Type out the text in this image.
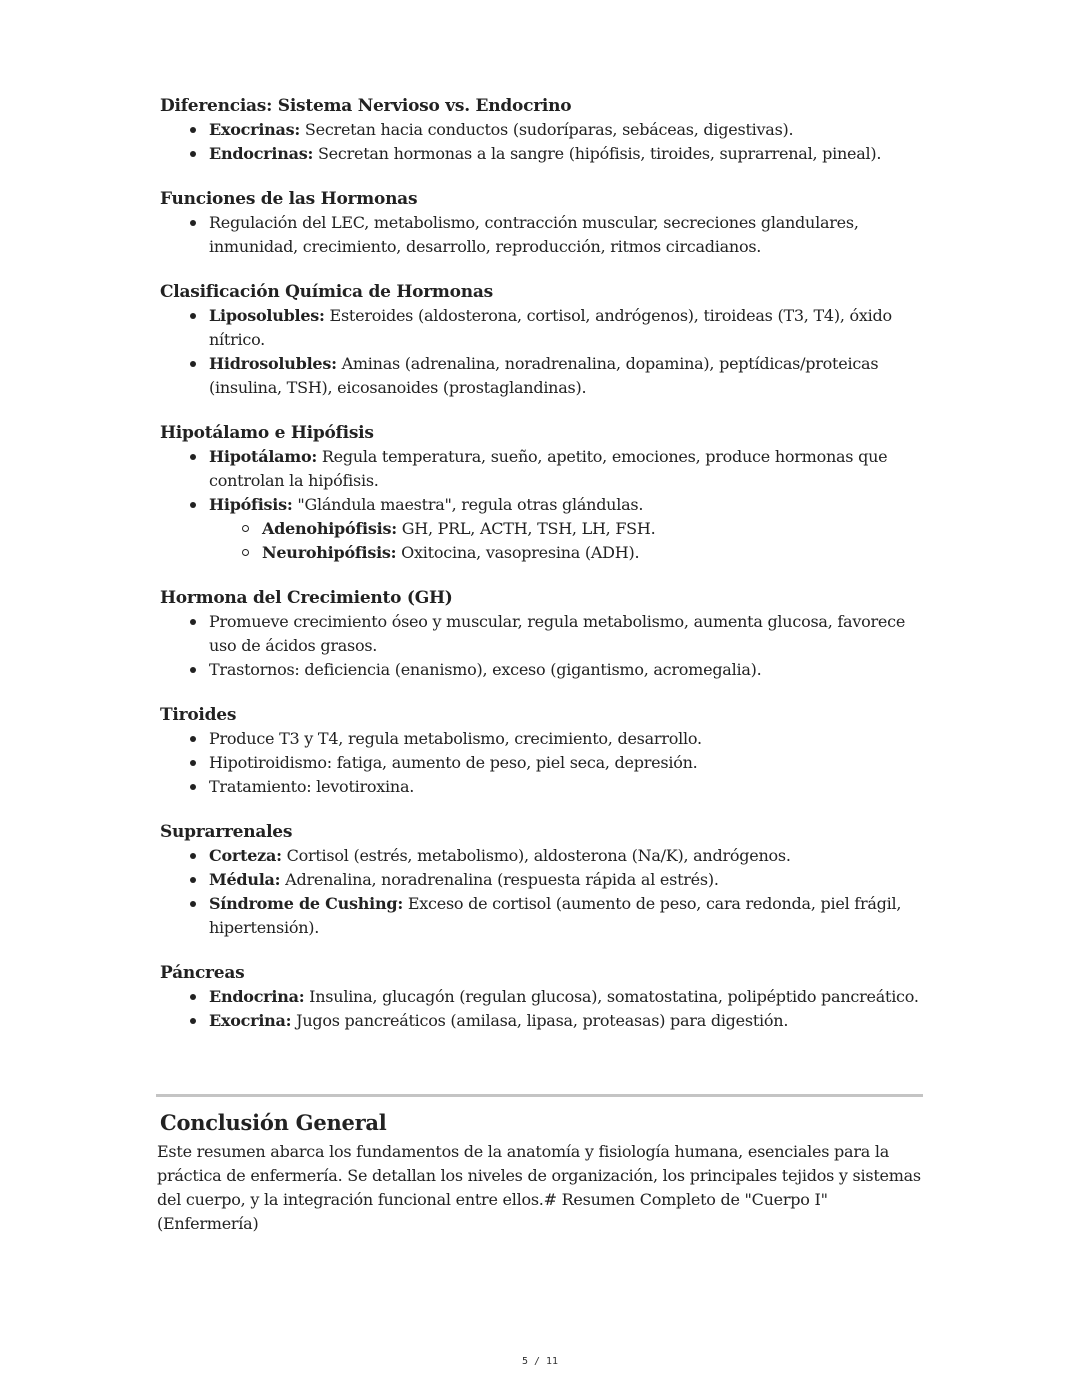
Diferencias: Sistema Nervioso vs. Endocrino
Exocrinas: Secretan hacia conductos (sudoríparas, sebáceas, digestivas).
Endocrinas: Secretan hormonas a la sangre (hipófisis, tiroides, suprarrenal, pineal).
Funciones de las Hormonas
Regulación del LEC, metabolismo, contracción muscular, secreciones glandulares, inmunidad, crecimiento, desarrollo, reproducción, ritmos circadianos.
Clasificación Química de Hormonas
Liposolubles: Esteroides (aldosterona, cortisol, andrógenos), tiroideas (T3, T4), óxido nítrico.
Hidrosolubles: Aminas (adrenalina, noradrenalina, dopamina), peptídicas/proteicas (insulina, TSH), eicosanoides (prostaglandinas).
Hipotálamo e Hipófisis
Hipotálamo: Regula temperatura, sueño, apetito, emociones, produce hormonas que controlan la hipófisis.
Hipófisis: "Glándula maestra", regula otras glándulas.
Adenohipófisis: GH, PRL, ACTH, TSH, LH, FSH.
Neurohipófisis: Oxitocina, vasopresina (ADH).
Hormona del Crecimiento (GH)
Promueve crecimiento óseo y muscular, regula metabolismo, aumenta glucosa, favorece uso de ácidos grasos.
Trastornos: deficiencia (enanismo), exceso (gigantismo, acromegalia).
Tiroides
Produce T3 y T4, regula metabolismo, crecimiento, desarrollo.
Hipotiroidismo: fatiga, aumento de peso, piel seca, depresión.
Tratamiento: levotiroxina.
Suprarrenales
Corteza: Cortisol (estrés, metabolismo), aldosterona (Na/K), andrógenos.
Médula: Adrenalina, noradrenalina (respuesta rápida al estrés).
Síndrome de Cushing: Exceso de cortisol (aumento de peso, cara redonda, piel frágil, hipertensión).
Páncreas
Endocrina: Insulina, glucagón (regulan glucosa), somatostatina, polipéptido pancreático.
Exocrina: Jugos pancreáticos (amilasa, lipasa, proteasas) para digestión.
Conclusión General

Este resumen abarca los fundamentos de la anatomía y fisiología humana, esenciales para la práctica de enfermería. Se detallan los niveles de organización, los principales tejidos y sistemas del cuerpo, y la integración funcional entre ellos.# Resumen Completo de "Cuerpo I" (Enfermería)

5 / 11
